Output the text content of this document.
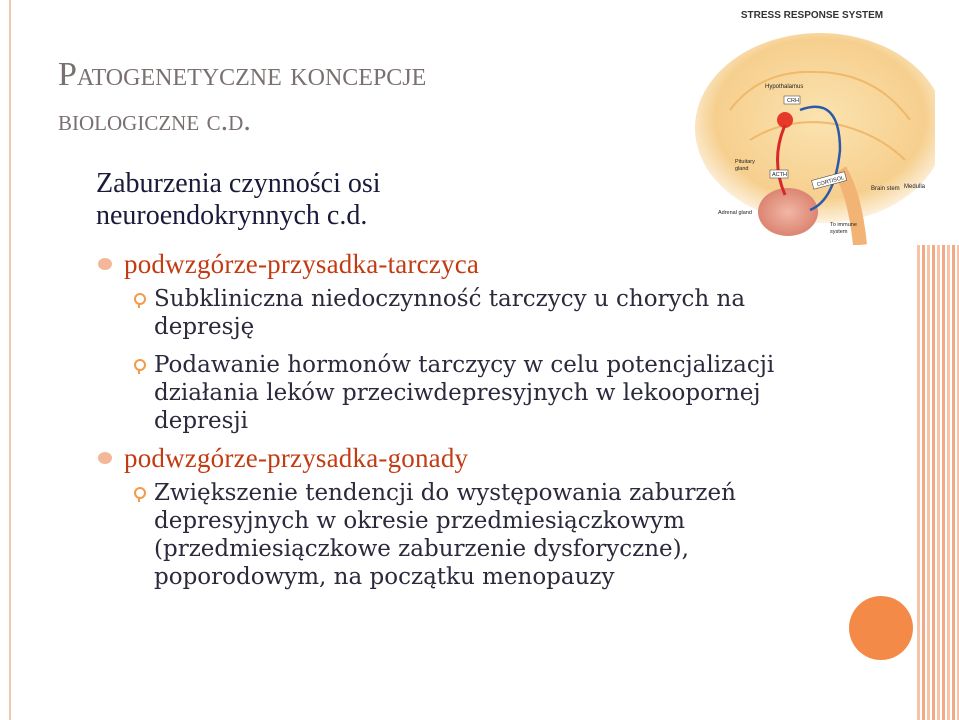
STRESS RESPONSE SYSTEM
Hypothalamus
CRH
Pituitary
gland
ACTH
CORTISOL
Brain stem Medulla
Adrenal gland
To immune
system
Patogenetyczne koncepcje
biologiczne c.d.
Zaburzenia czynności osi neuroendokrynnych c.d.
podwzgórze-przysadka-tarczyca
Subkliniczna niedoczynność tarczycy u chorych na depresję
Podawanie hormonów tarczycy w celu potencjalizacji działania leków przeciwdepresyjnych w lekoopornej depresji
podwzgórze-przysadka-gonady
Zwiększenie tendencji do występowania zaburzeń depresyjnych w okresie przedmiesiączkowym (przedmiesiączkowe zaburzenie dysforyczne), poporodowym, na początku menopauzy
